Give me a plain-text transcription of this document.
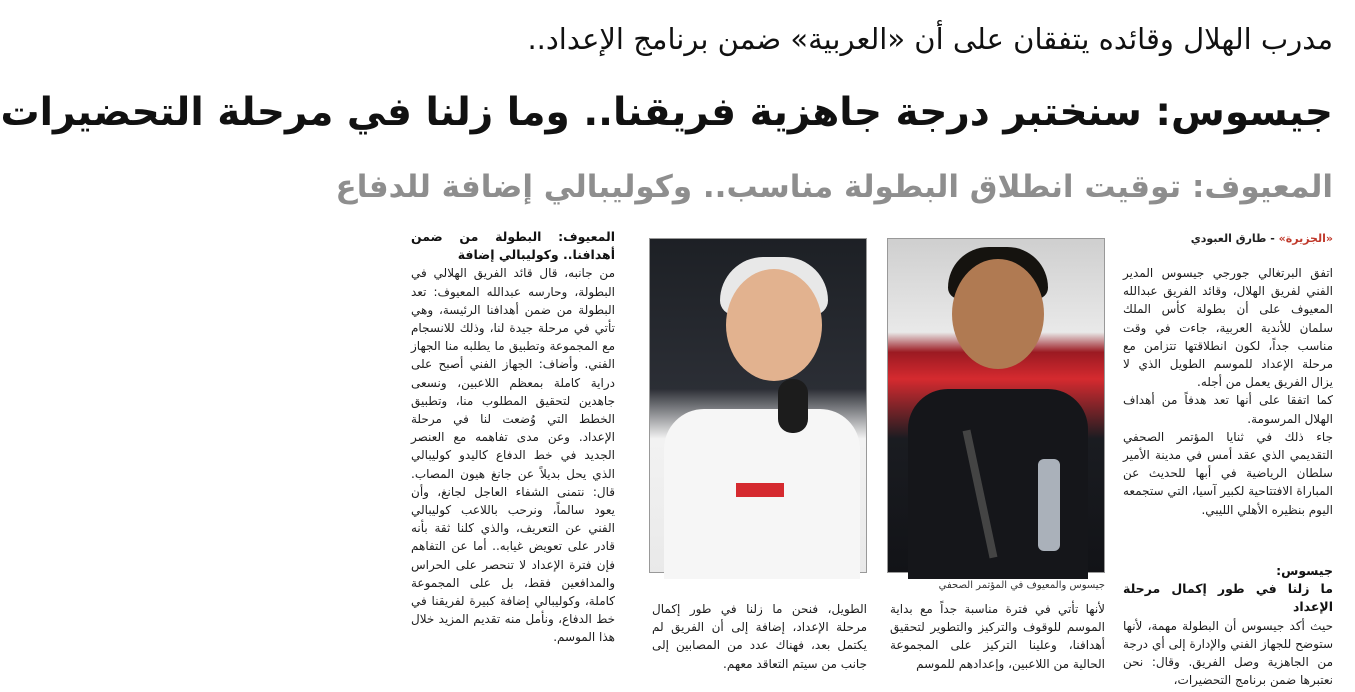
مدرب الهلال وقائده يتفقان على أن «العربية» ضمن برنامج الإعداد..
جيسوس: سنختبر درجة جاهزية فريقنا.. وما زلنا في مرحلة التحضيرات
المعيوف: توقيت انطلاق البطولة مناسب.. وكوليبالي إضافة للدفاع
«الجزيرة» - طارق العبودي

اتفق البرتغالي جورجي جيسوس المدير الفني لفريق الهلال، وقائد الفريق عبدالله المعيوف على أن بطولة كأس الملك سلمان للأندية العربية، جاءت في وقت مناسب جداً، لكون انطلاقتها تتزامن مع مرحلة الإعداد للموسم الطويل الذي لا يزال الفريق يعمل من أجله.

كما اتفقا على أنها تعد هدفاً من أهداف الهلال المرسومة.

جاء ذلك في ثنايا المؤتمر الصحفي التقديمي الذي عقد أمس في مدينة الأمير سلطان الرياضية في أبها للحديث عن المباراة الافتتاحية لكبير آسيا، التي ستجمعه اليوم بنظيره الأهلي الليبي.

جيسوس:

ما زلنا في طور إكمال مرحلة الإعداد

حيث أكد جيسوس أن البطولة مهمة، لأنها ستوضح للجهاز الفني والإدارة إلى أي درجة من الجاهزية وصل الفريق. وقال: نحن نعتبرها ضمن برنامج التحضيرات،

جيسوس والمعيوف في المؤتمر الصحفي

المعيوف: البطولة من ضمن أهدافنا.. وكوليبالي إضافة

من جانبه، قال قائد الفريق الهلالي في البطولة، وحارسه عبدالله المعيوف: تعد البطولة من ضمن أهدافنا الرئيسة، وهي تأتي في مرحلة جيدة لنا، وذلك للانسجام مع المجموعة وتطبيق ما يطلبه منا الجهاز الفني. وأضاف: الجهاز الفني أصبح على دراية كاملة بمعظم اللاعبين، ونسعى جاهدين لتحقيق المطلوب منا، وتطبيق الخطط التي وُضعت لنا في مرحلة الإعداد. وعن مدى تفاهمه مع العنصر الجديد في خط الدفاع كاليدو كوليبالي الذي يحل بديلاً عن جانغ هيون المصاب. قال: نتمنى الشفاء العاجل لجانغ، وأن يعود سالماً، ونرحب باللاعب كوليبالي الفني عن التعريف، والذي كلنا ثقة بأنه قادر على تعويض غيابه.. أما عن التفاهم فإن فترة الإعداد لا تنحصر على الحراس والمدافعين فقط، بل على المجموعة كاملة، وكوليبالي إضافة كبيرة لفريقنا في خط الدفاع، ونأمل منه تقديم المزيد خلال هذا الموسم.

لأنها تأتي في فترة مناسبة جداً مع بداية الموسم للوقوف والتركيز والتطوير لتحقيق أهدافنا، وعلينا التركيز على المجموعة الحالية من اللاعبين، وإعدادهم للموسم
الطويل، فنحن ما زلنا في طور إكمال مرحلة الإعداد، إضافة إلى أن الفريق لم يكتمل بعد، فهناك عدد من المصابين إلى جانب من سيتم التعاقد معهم.
